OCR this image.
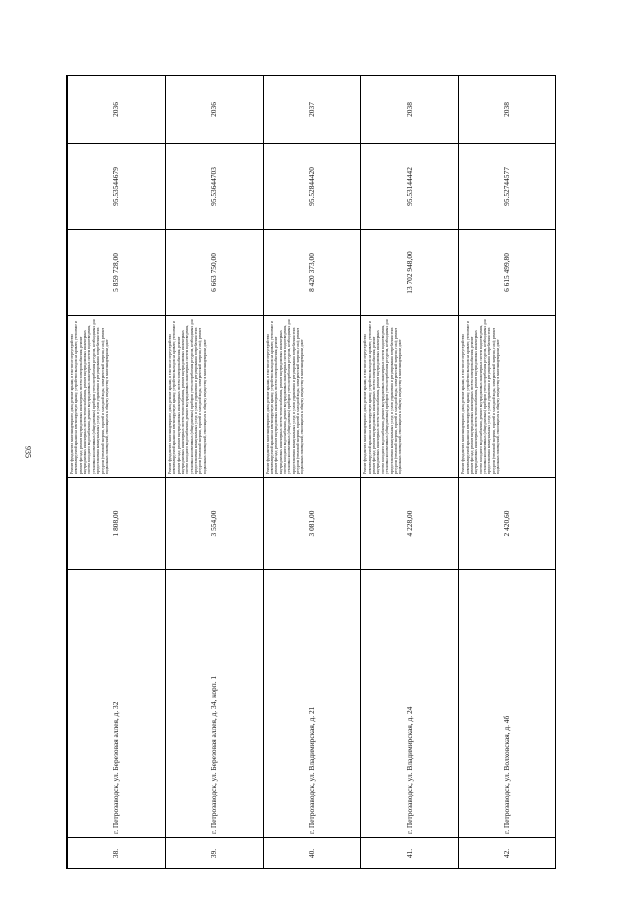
935
38.	г. Петрозаводск, ул. Березовая аллея, д. 32	1 808,00	Ремонт фундамента многоквартирного дома; ремонт крыши, в том числе переустройство невентилируемой крыши на вентилируемую крышу, устройство выходов на кровлю; утепление и ремонт фасада; ремонт внутридомовых инженерных систем электроснабжения, ремонт внутридомовых инженерных систем теплоснабжения, ремонт внутридомовых инженерных систем холодного водоснабжения, ремонт внутридомовых инженерных систем водоотведения, установка коллективных (общедомовых) приборов учета потребления ресурсов, необходимых для предоставления коммунальных услуг, и узлов управления и регулирования потребления этих ресурсов (тепловой энергии, горячей и холодной воды, электрической энергии, газа); ремонт подвальных помещений, относящихся к общему имуществу в многоквартирном доме	5 859 728,00	95.53544679	2036
39.	г. Петрозаводск, ул. Березовая аллея, д. 34, корп. 1	3 554,00	Ремонт фундамента многоквартирного дома; ремонт крыши, в том числе переустройство невентилируемой крыши на вентилируемую крышу, устройство выходов на кровлю; утепление и ремонт фасада; ремонт внутридомовых инженерных систем электроснабжения, ремонт внутридомовых инженерных систем теплоснабжения, ремонт внутридомовых инженерных систем холодного водоснабжения, ремонт внутридомовых инженерных систем водоотведения, установка коллективных (общедомовых) приборов учета потребления ресурсов, необходимых для предоставления коммунальных услуг, и узлов управления и регулирования потребления этих ресурсов (тепловой энергии, горячей и холодной воды, электрической энергии, газа); ремонт подвальных помещений, относящихся к общему имуществу в многоквартирном доме	6 663 750,00	95.53644703	2036
40.	г. Петрозаводск, ул. Владимирская, д. 21	3 081,00	Ремонт фундамента многоквартирного дома; ремонт крыши, в том числе переустройство невентилируемой крыши на вентилируемую крышу, устройство выходов на кровлю; утепление и ремонт фасада; ремонт внутридомовых инженерных систем электроснабжения, ремонт внутридомовых инженерных систем теплоснабжения, ремонт внутридомовых инженерных систем холодного водоснабжения, ремонт внутридомовых инженерных систем водоотведения, установка коллективных (общедомовых) приборов учета потребления ресурсов, необходимых для предоставления коммунальных услуг, и узлов управления и регулирования потребления этих ресурсов (тепловой энергии, горячей и холодной воды, электрической энергии, газа); ремонт подвальных помещений, относящихся к общему имуществу в многоквартирном доме	8 420 373,00	95.52844420	2037
41.	г. Петрозаводск, ул. Владимирская, д. 24	4 228,00	Ремонт фундамента многоквартирного дома; ремонт крыши, в том числе переустройство невентилируемой крыши на вентилируемую крышу, устройство выходов на кровлю; утепление и ремонт фасада; ремонт внутридомовых инженерных систем электроснабжения, ремонт внутридомовых инженерных систем теплоснабжения, ремонт внутридомовых инженерных систем холодного водоснабжения, ремонт внутридомовых инженерных систем водоотведения, установка коллективных (общедомовых) приборов учета потребления ресурсов, необходимых для предоставления коммунальных услуг, и узлов управления и регулирования потребления этих ресурсов (тепловой энергии, горячей и холодной воды, электрической энергии, газа); ремонт подвальных помещений, относящихся к общему имуществу в многоквартирном доме	13 702 948,00	95.53144442	2038
42.	г. Петрозаводск, ул. Волховская, д. 4б	2 420,60	Ремонт фундамента многоквартирного дома; ремонт крыши, в том числе переустройство невентилируемой крыши на вентилируемую крышу, устройство выходов на кровлю; утепление и ремонт фасада; ремонт внутридомовых инженерных систем электроснабжения, ремонт внутридомовых инженерных систем теплоснабжения, ремонт внутридомовых инженерных систем холодного водоснабжения, ремонт внутридомовых инженерных систем водоотведения, установка коллективных (общедомовых) приборов учета потребления ресурсов, необходимых для предоставления коммунальных услуг, и узлов управления и регулирования потребления этих ресурсов (тепловой энергии, горячей и холодной воды, электрической энергии, газа); ремонт подвальных помещений, относящихся к общему имуществу в многоквартирном доме	6 615 499,80	95.52744577	2038
